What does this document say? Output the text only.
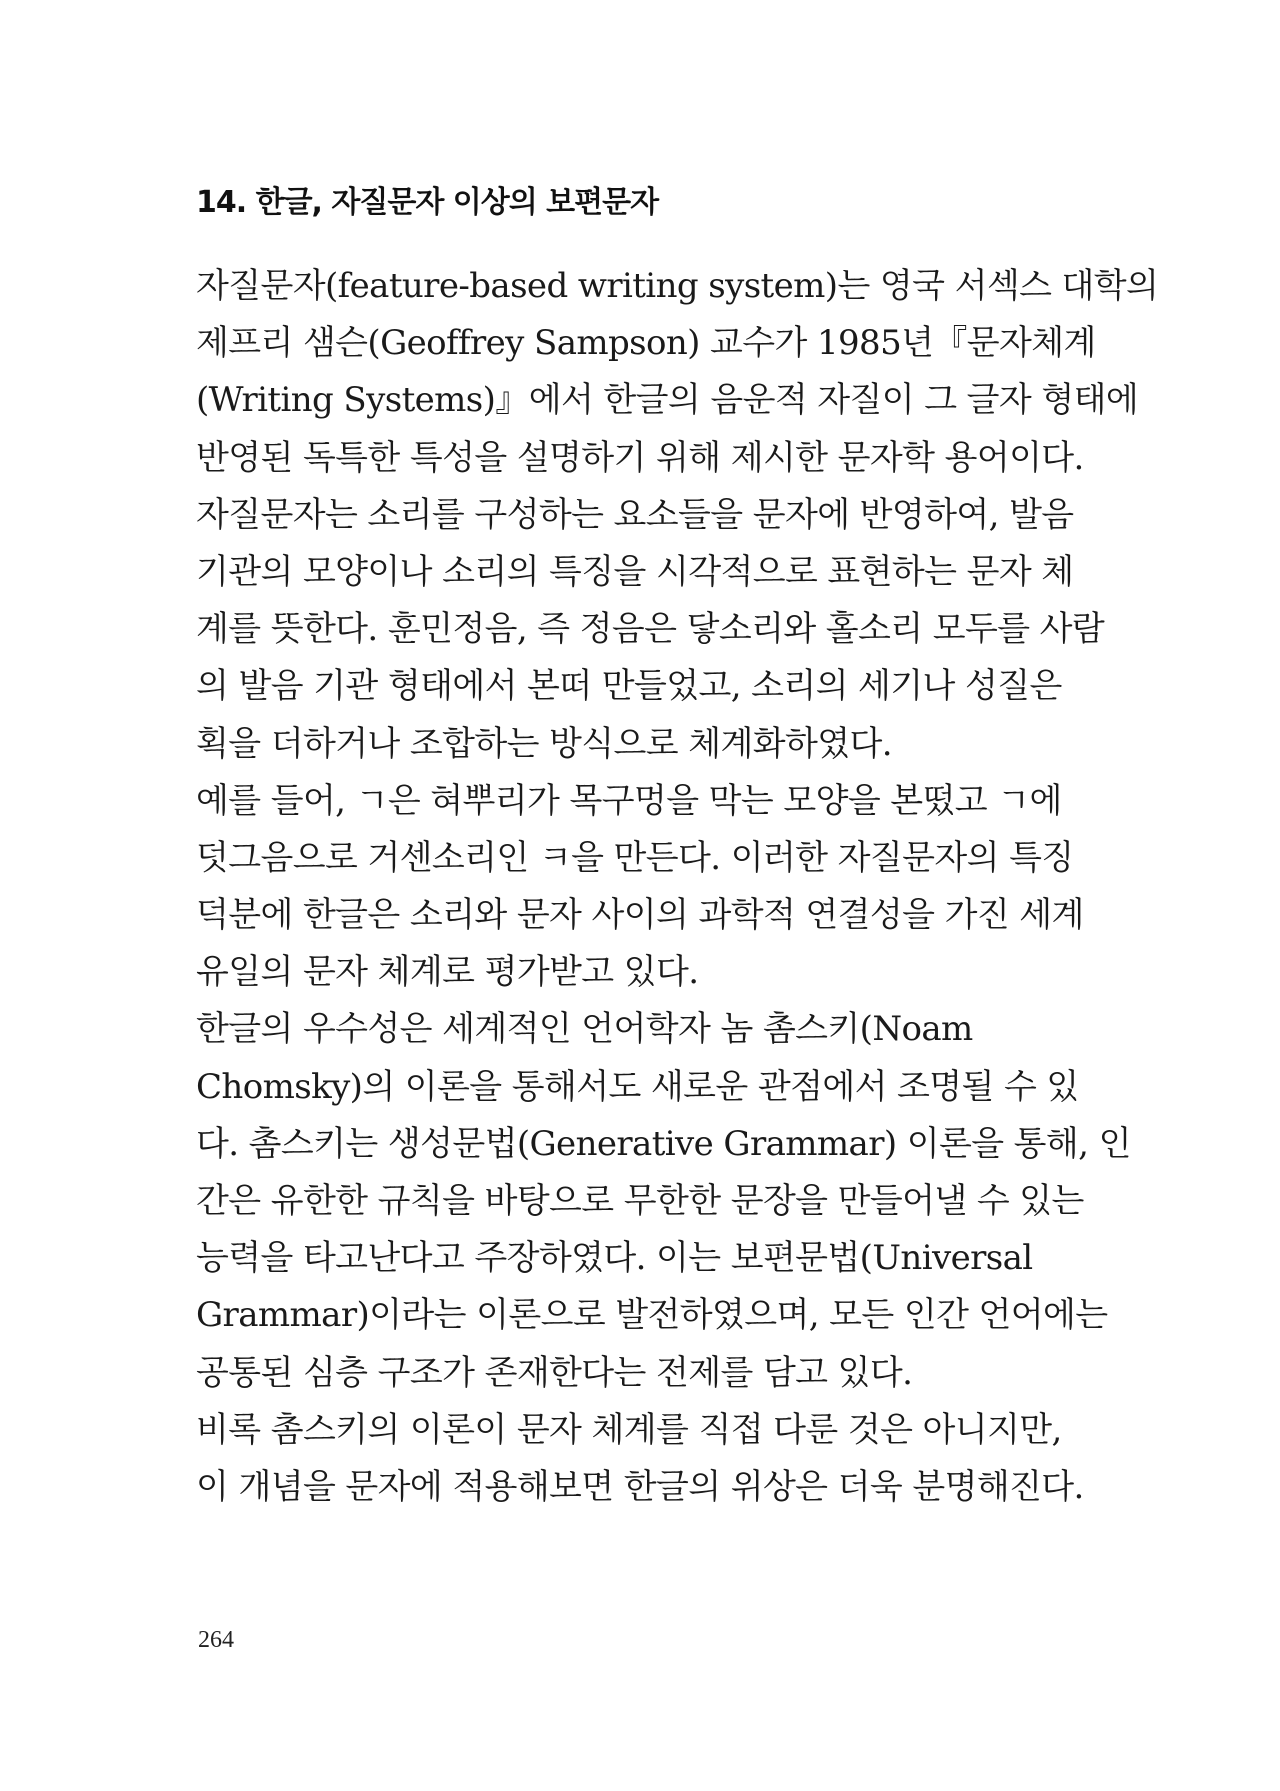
14. 한글, 자질문자 이상의 보편문자
자질문자(feature-based writing system)는 영국 서섹스 대학의
제프리 샘슨(Geoffrey Sampson) 교수가 1985년『문자체계
(Writing Systems)』에서 한글의 음운적 자질이 그 글자 형태에
반영된 독특한 특성을 설명하기 위해 제시한 문자학 용어이다.
자질문자는 소리를 구성하는 요소들을 문자에 반영하여, 발음
기관의 모양이나 소리의 특징을 시각적으로 표현하는 문자 체
계를 뜻한다. 훈민정음, 즉 정음은 닿소리와 홀소리 모두를 사람
의 발음 기관 형태에서 본떠 만들었고, 소리의 세기나 성질은
획을 더하거나 조합하는 방식으로 체계화하였다.
예를 들어, ㄱ은 혀뿌리가 목구멍을 막는 모양을 본떴고 ㄱ에
덧그음으로 거센소리인 ㅋ을 만든다. 이러한 자질문자의 특징
덕분에 한글은 소리와 문자 사이의 과학적 연결성을 가진 세계
유일의 문자 체계로 평가받고 있다.
한글의 우수성은 세계적인 언어학자 놈 촘스키(Noam
Chomsky)의 이론을 통해서도 새로운 관점에서 조명될 수 있
다. 촘스키는 생성문법(Generative Grammar) 이론을 통해, 인
간은 유한한 규칙을 바탕으로 무한한 문장을 만들어낼 수 있는
능력을 타고난다고 주장하였다. 이는 보편문법(Universal
Grammar)이라는 이론으로 발전하였으며, 모든 인간 언어에는
공통된 심층 구조가 존재한다는 전제를 담고 있다.
비록 촘스키의 이론이 문자 체계를 직접 다룬 것은 아니지만,
이 개념을 문자에 적용해보면 한글의 위상은 더욱 분명해진다.
264
